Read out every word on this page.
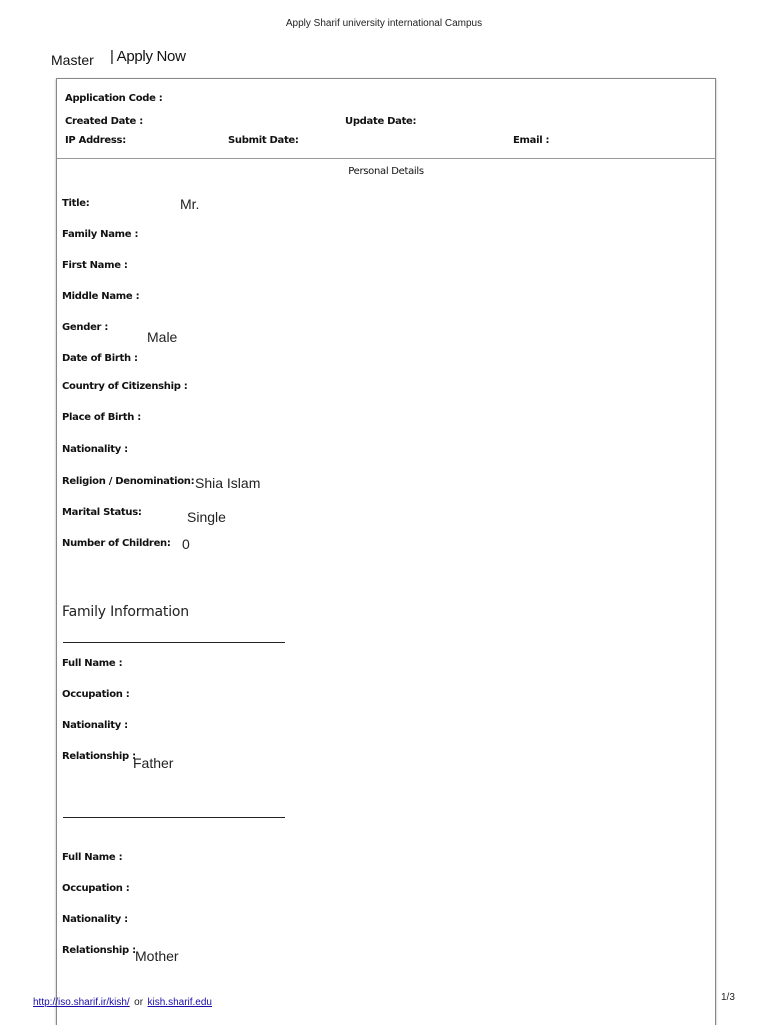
Apply Sharif university international Campus
Master | Apply Now
Application Code :
Created Date :	Update Date:
IP Address:	Submit Date:	Email :
Personal Details
Title:	Mr.
Family Name :
First Name :
Middle Name :
Gender :
Male
Date of Birth :
Country of Citizenship :
Place of Birth :
Nationality :
Religion / Denomination: Shia Islam
Marital Status:	Single
Number of Children: 0
Family Information
Full Name :
Occupation :
Nationality :
Relationship :
Father
Full Name :
Occupation :
Nationality :
Relationship : Mother
http://iso.sharif.ir/kish/ or kish.sharif.edu	1/3
